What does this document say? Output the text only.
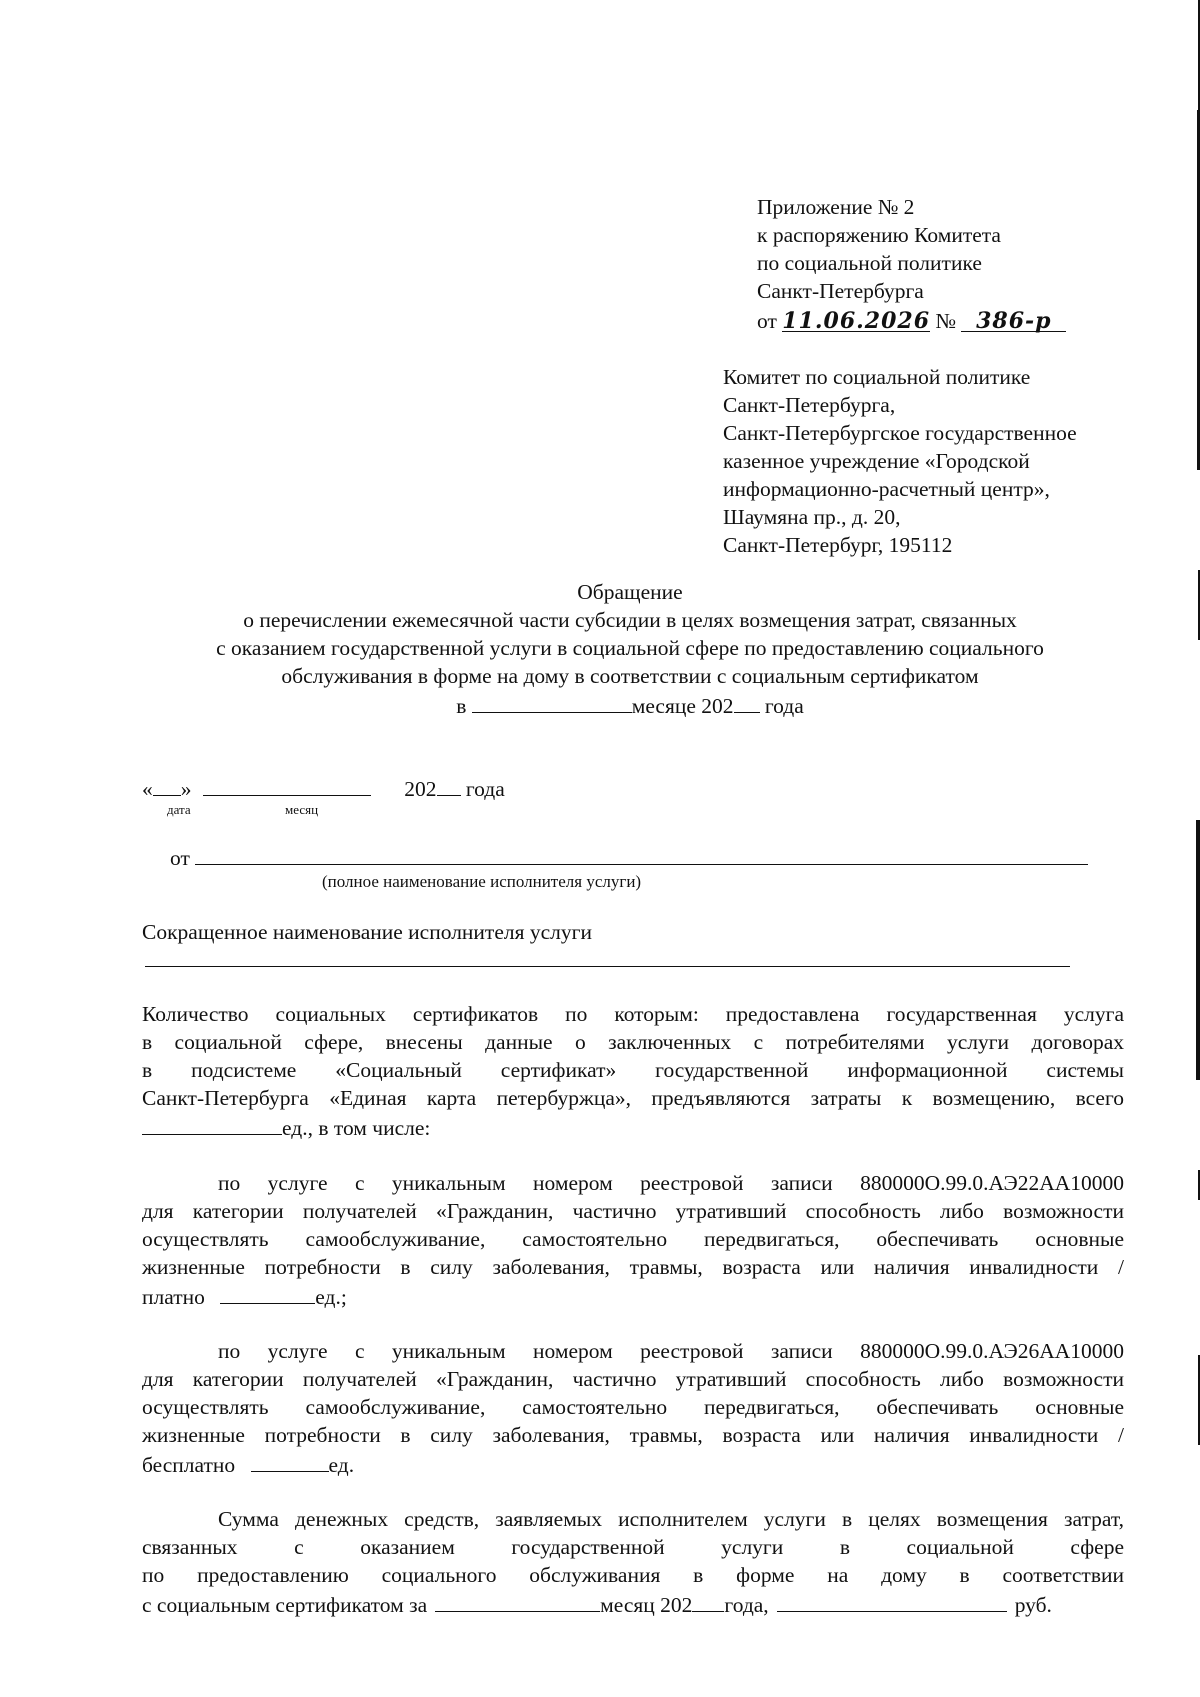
Приложение № 2
к распоряжению Комитета
по социальной политике
Санкт-Петербурга
от 11.06.2026 № 386-р
Комитет по социальной политике
Санкт-Петербурга,
Санкт-Петербургское государственное
казенное учреждение «Городской
информационно-расчетный центр»,
Шаумяна пр., д. 20,
Санкт-Петербург, 195112
Обращение
о перечислении ежемесячной части субсидии в целях возмещения затрат, связанных
с оказанием государственной услуги в социальной сфере по предоставлению социального
обслуживания в форме на дому в соответствии с социальным сертификатом
в	месяце 202 года
« »	202 года
дата	месяц
от
(полное наименование исполнителя услуги)
Сокращенное наименование исполнителя услуги
Количество социальных сертификатов по которым: предоставлена государственная услуга
в социальной сфере, внесены данные о заключенных с потребителями услуги договорах
в подсистеме «Социальный сертификат» государственной информационной системы
Санкт-Петербурга «Единая карта петербуржца», предъявляются затраты к возмещению, всего
ед., в том числе:
по услуге с уникальным номером реестровой записи 880000О.99.0.АЭ22АА10000
для категории получателей «Гражданин, частично утративший способность либо возможности
осуществлять самообслуживание, самостоятельно передвигаться, обеспечивать основные
жизненные потребности в силу заболевания, травмы, возраста или наличия инвалидности /
платно	ед.;
по услуге с уникальным номером реестровой записи 880000О.99.0.АЭ26АА10000
для категории получателей «Гражданин, частично утративший способность либо возможности
осуществлять самообслуживание, самостоятельно передвигаться, обеспечивать основные
жизненные потребности в силу заболевания, травмы, возраста или наличия инвалидности /
бесплатно	ед.
Сумма денежных средств, заявляемых исполнителем услуги в целях возмещения затрат,
связанных с оказанием государственной услуги в социальной сфере
по предоставлению социального обслуживания в форме на дому в соответствии
с социальным сертификатом за	месяц 202 года,	руб.
